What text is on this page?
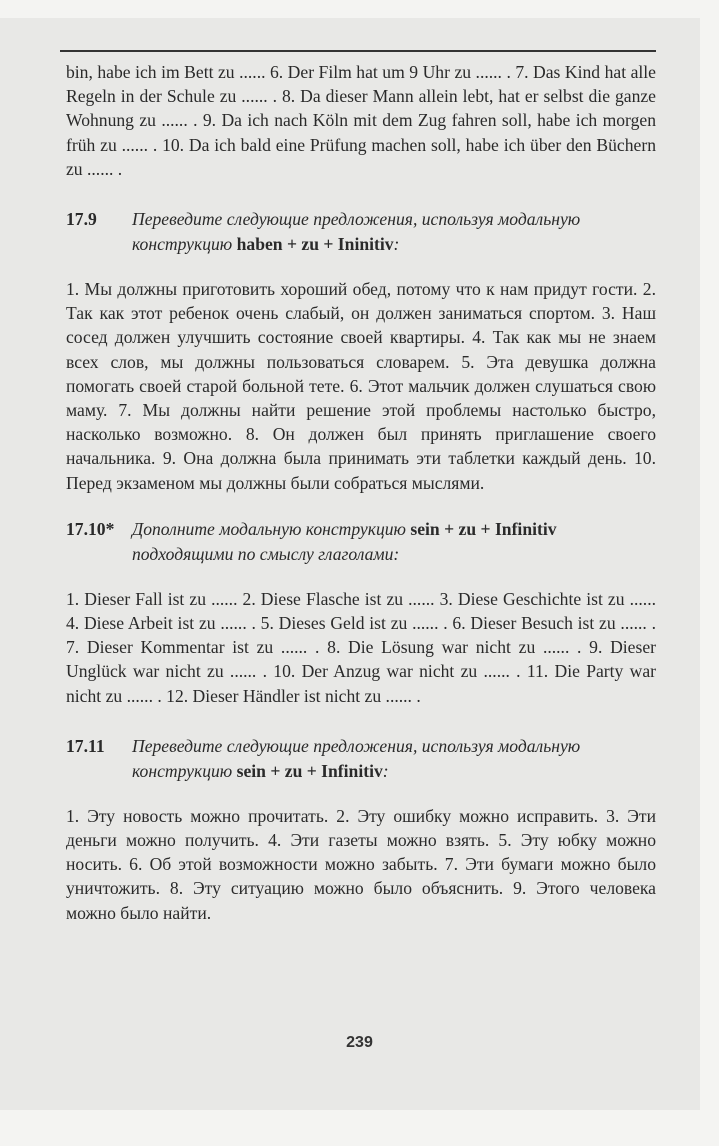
bin, habe ich im Bett zu ...... 6. Der Film hat um 9 Uhr zu ...... . 7. Das Kind hat alle Regeln in der Schule zu ...... . 8. Da dieser Mann allein lebt, hat er selbst die ganze Wohnung zu ...... . 9. Da ich nach Köln mit dem Zug fahren soll, habe ich morgen früh zu ...... . 10. Da ich bald eine Prüfung machen soll, habe ich über den Büchern zu ...... .

17.9	Переведите следующие предложения, используя модальную конструкцию haben + zu + Ininitiv:

1. Мы должны приготовить хороший обед, потому что к нам придут гости. 2. Так как этот ребенок очень слабый, он должен заниматься спортом. 3. Наш сосед должен улучшить состояние своей квартиры. 4. Так как мы не знаем всех слов, мы должны пользоваться словарем. 5. Эта девушка должна помогать своей старой больной тете. 6. Этот мальчик должен слушаться свою маму. 7. Мы должны найти решение этой проблемы настолько быстро, насколько возможно. 8. Он должен был принять приглашение своего начальника. 9. Она должна была принимать эти таблетки каждый день. 10. Перед экзаменом мы должны были собраться мыслями.

17.10*	Дополните модальную конструкцию sein + zu + Infinitiv подходящими по смыслу глаголами:

1. Dieser Fall ist zu ...... 2. Diese Flasche ist zu ...... 3. Diese Geschichte ist zu ...... 4. Diese Arbeit ist zu ...... . 5. Dieses Geld ist zu ...... . 6. Dieser Besuch ist zu ...... . 7. Dieser Kommentar ist zu ...... . 8. Die Lösung war nicht zu ...... . 9. Dieser Unglück war nicht zu ...... . 10. Der Anzug war nicht zu ...... . 11. Die Party war nicht zu ...... . 12. Dieser Händler ist nicht zu ...... .

17.11	Переведите следующие предложения, используя модальную конструкцию sein + zu + Infinitiv:

1. Эту новость можно прочитать. 2. Эту ошибку можно исправить. 3. Эти деньги можно получить. 4. Эти газеты можно взять. 5. Эту юбку можно носить. 6. Об этой возможности можно забыть. 7. Эти бумаги можно было уничтожить. 8. Эту ситуацию можно было объяснить. 9. Этого человека можно было найти.

239
